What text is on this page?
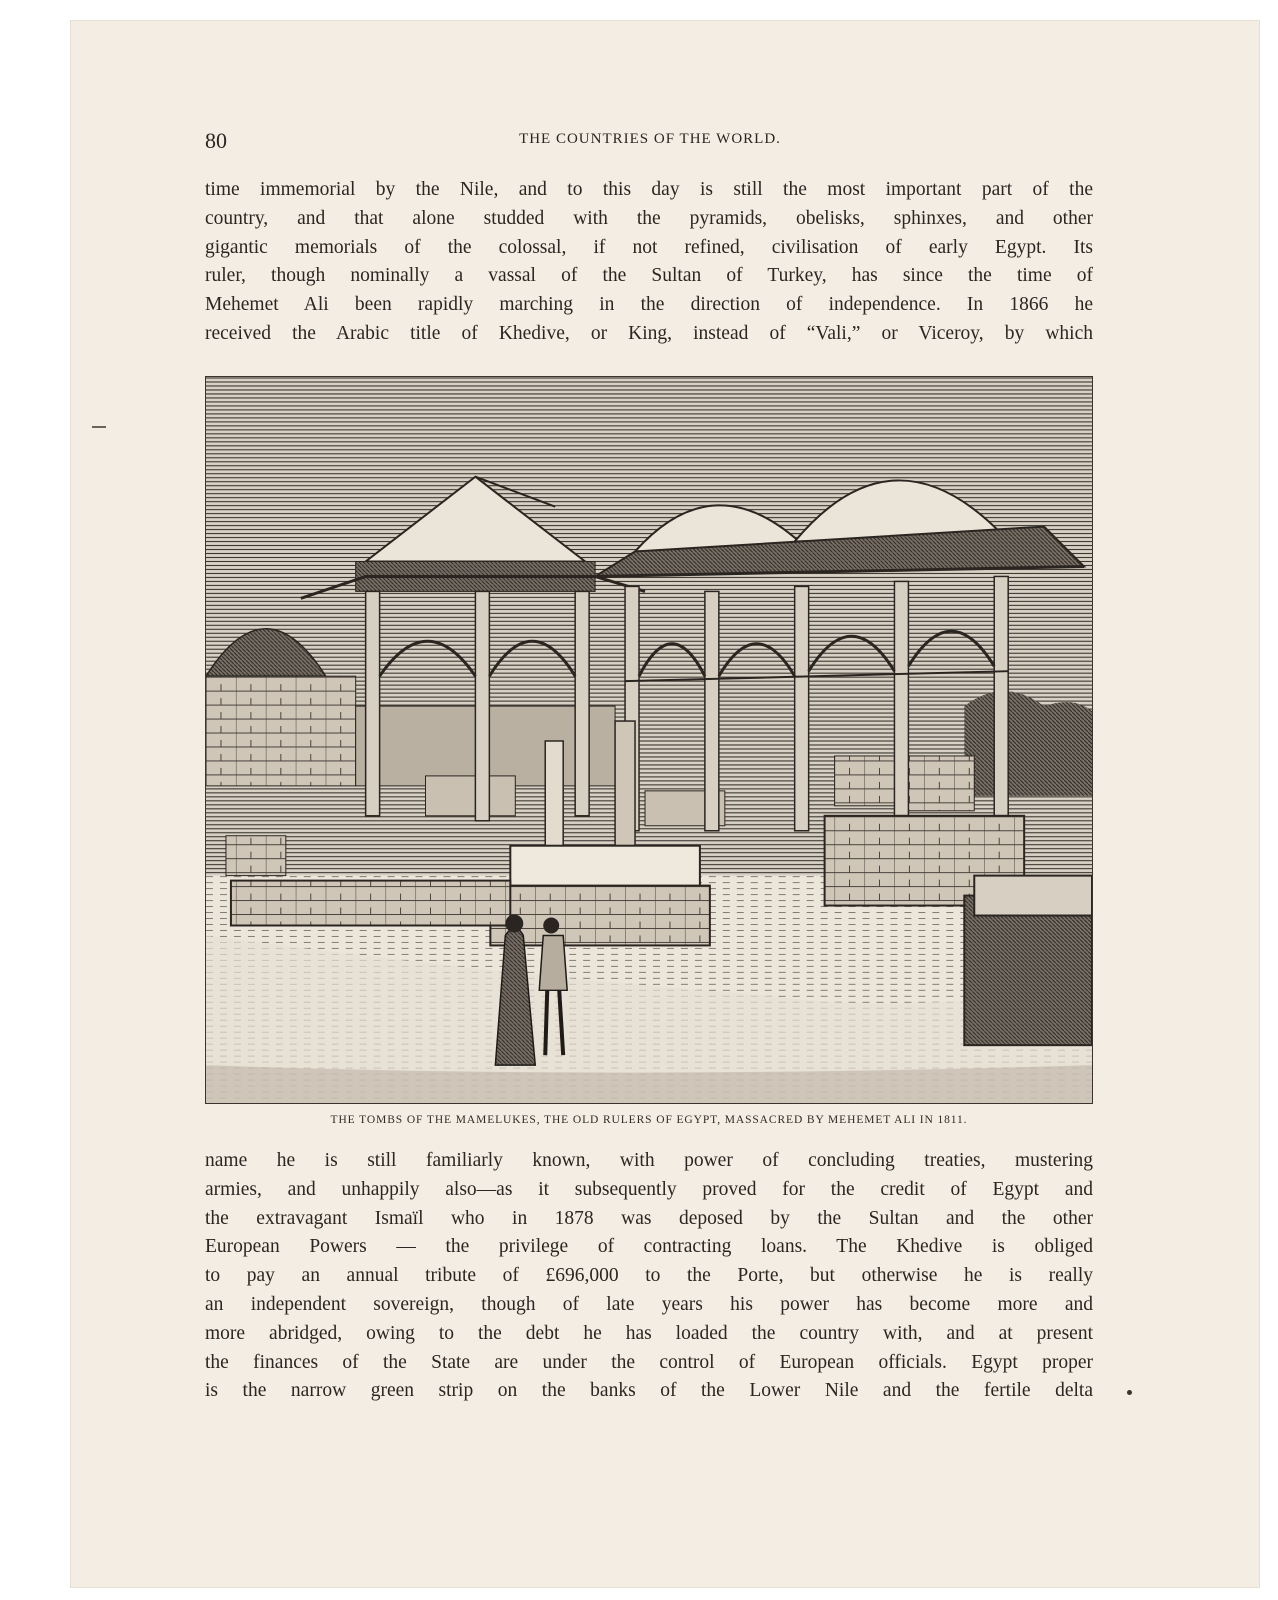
80	THE COUNTRIES OF THE WORLD.

time immemorial by the Nile, and to this day is still the most important part of the
country, and that alone studded with the pyramids, obelisks, sphinxes, and other
gigantic memorials of the colossal, if not refined, civilisation of early Egypt. Its
ruler, though nominally a vassal of the Sultan of Turkey, has since the time of
Mehemet Ali been rapidly marching in the direction of independence. In 1866 he
received the Arabic title of Khedive, or King, instead of “Vali,” or Viceroy, by which

THE TOMBS OF THE MAMELUKES, THE OLD RULERS OF EGYPT, MASSACRED BY MEHEMET ALI IN 1811.

name he is still familiarly known, with power of concluding treaties, mustering
armies, and unhappily also—as it subsequently proved for the credit of Egypt and
the extravagant Ismaïl who in 1878 was deposed by the Sultan and the other
European Powers — the privilege of contracting loans. The Khedive is obliged
to pay an annual tribute of £696,000 to the Porte, but otherwise he is really
an independent sovereign, though of late years his power has become more and
more abridged, owing to the debt he has loaded the country with, and at present
the finances of the State are under the control of European officials. Egypt proper
is the narrow green strip on the banks of the Lower Nile and the fertile delta
